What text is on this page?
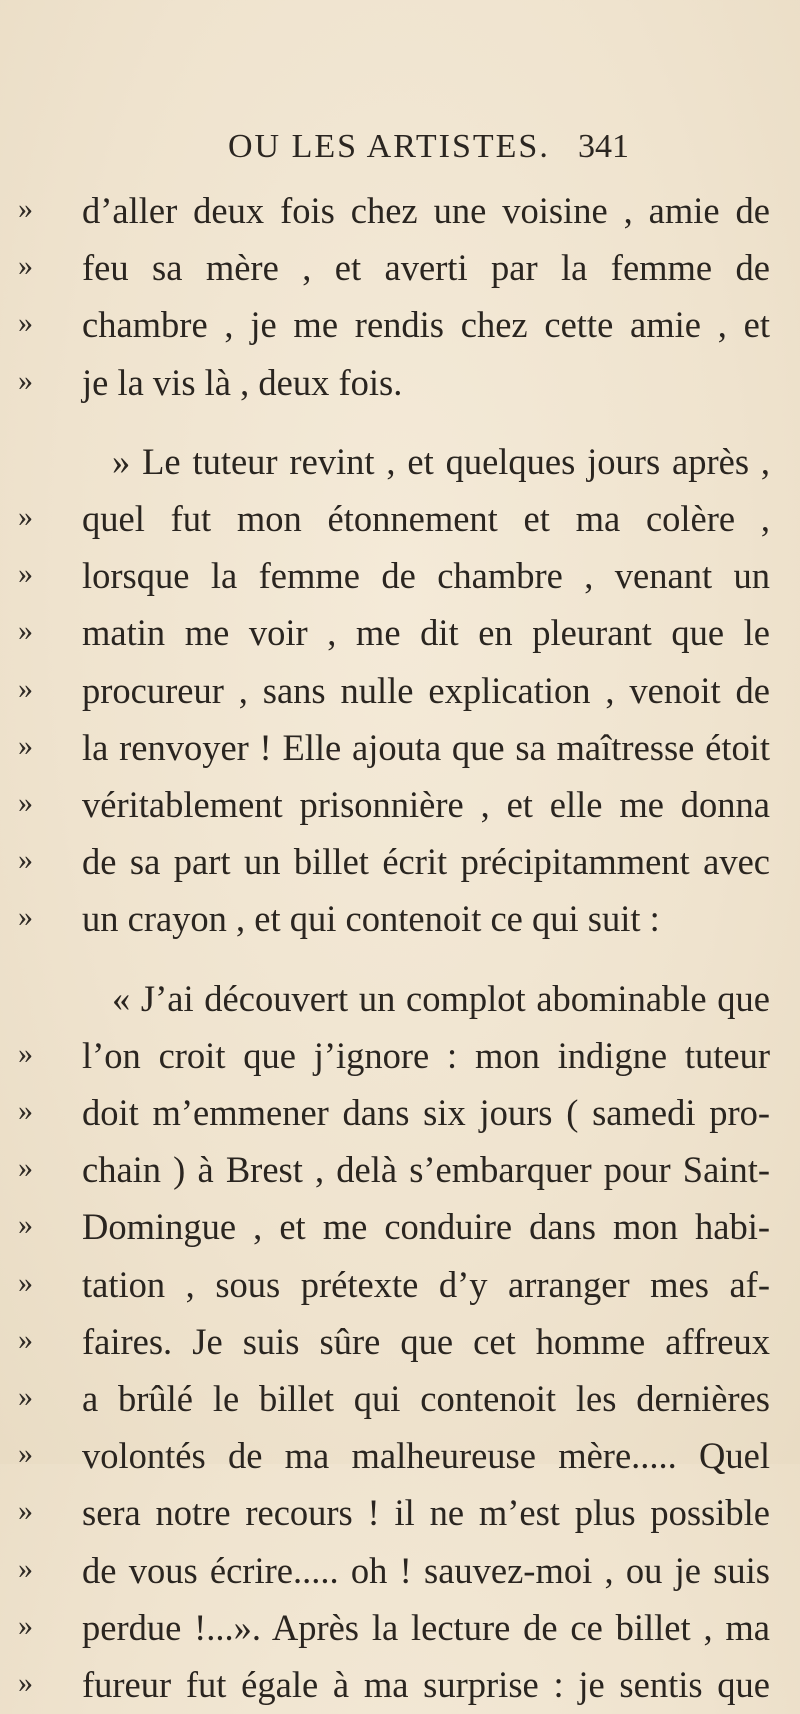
OU LES ARTISTES. 341
» d’aller deux fois chez une voisine , amie de
» feu sa mère , et averti par la femme de
» chambre , je me rendis chez cette amie , et
» je la vis là , deux fois.
» Le tuteur revint , et quelques jours après ,
» quel fut mon étonnement et ma colère ,
» lorsque la femme de chambre , venant un
» matin me voir , me dit en pleurant que le
» procureur , sans nulle explication , venoit de
» la renvoyer ! Elle ajouta que sa maîtresse étoit
» véritablement prisonnière , et elle me donna
» de sa part un billet écrit précipitamment avec
» un crayon , et qui contenoit ce qui suit :
« J’ai découvert un complot abominable que
» l’on croit que j’ignore : mon indigne tuteur
» doit m’emmener dans six jours ( samedi pro-
» chain ) à Brest , delà s’embarquer pour Saint-
» Domingue , et me conduire dans mon habi-
» tation , sous prétexte d’y arranger mes af-
» faires. Je suis sûre que cet homme affreux
» a brûlé le billet qui contenoit les dernières
» volontés de ma malheureuse mère..... Quel
» sera notre recours ! il ne m’est plus possible
» de vous écrire..... oh ! sauvez-moi , ou je suis
» perdue !...». Après la lecture de ce billet , ma
» fureur fut égale à ma surprise : je sentis que
